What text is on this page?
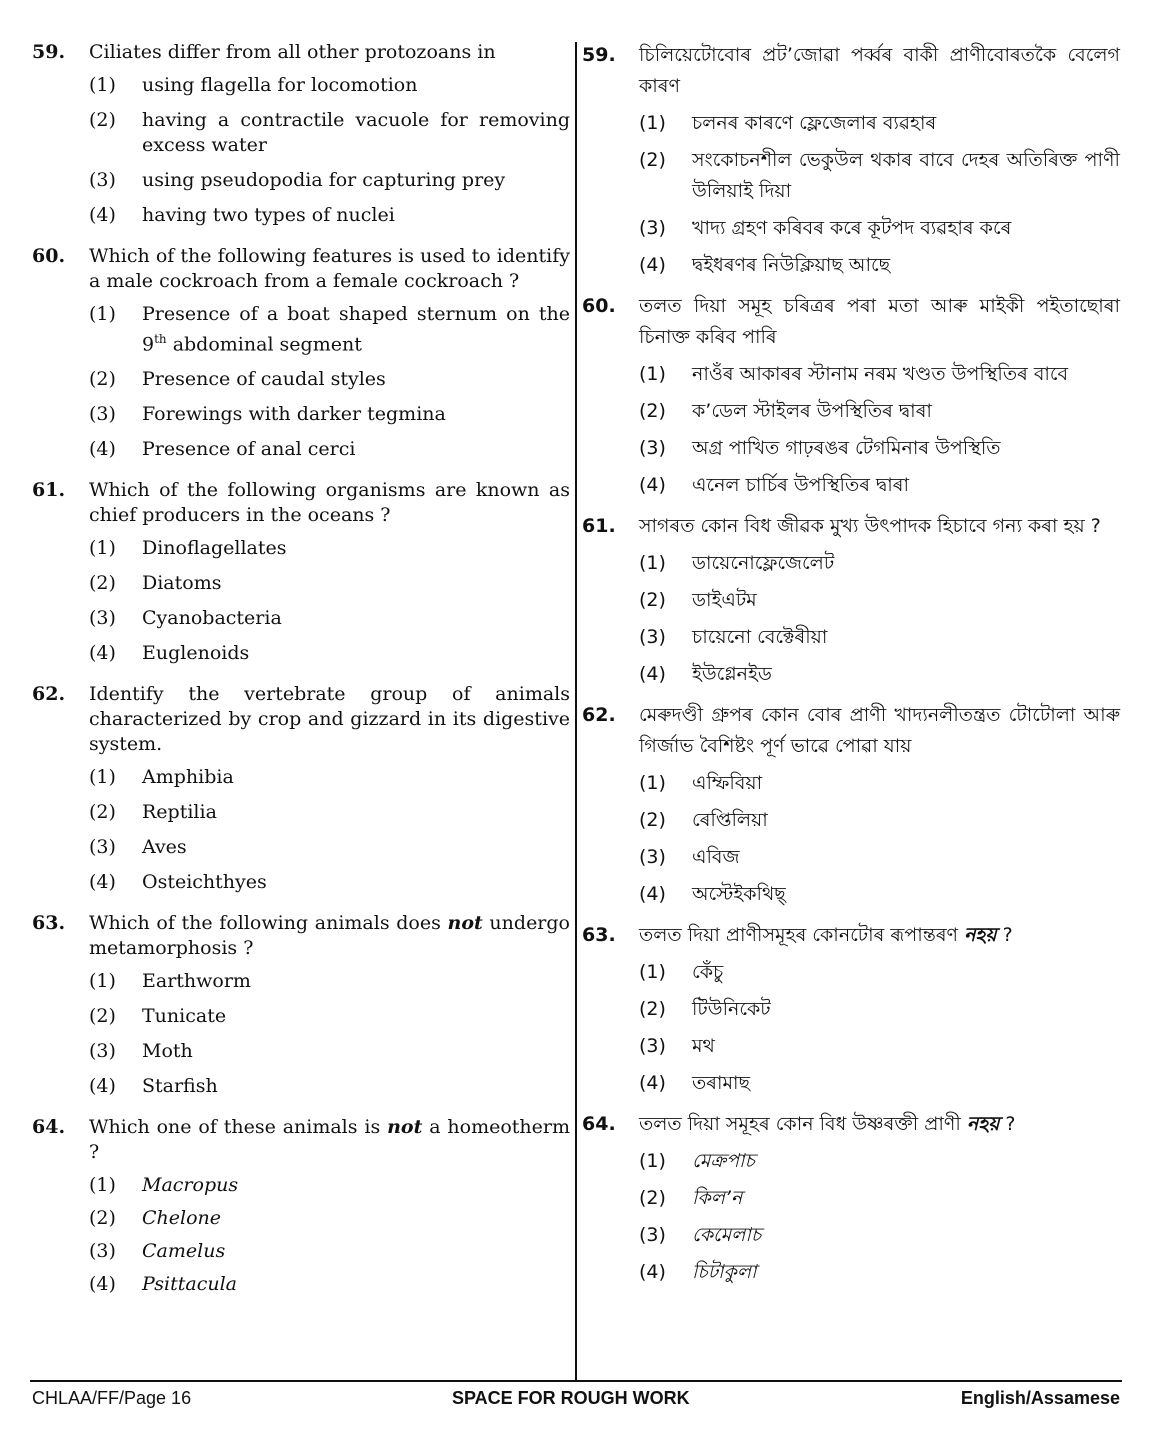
59.	Ciliates differ from all other protozoans in
(1)	using flagella for locomotion
(2)	having a contractile vacuole for removing excess water
(3)	using pseudopodia for capturing prey
(4)	having two types of nuclei
60.	Which of the following features is used to identify a male cockroach from a female cockroach ?
(1)	Presence of a boat shaped sternum on the 9th abdominal segment
(2)	Presence of caudal styles
(3)	Forewings with darker tegmina
(4)	Presence of anal cerci
61.	Which of the following organisms are known as chief producers in the oceans ?
(1)	Dinoflagellates
(2)	Diatoms
(3)	Cyanobacteria
(4)	Euglenoids
62.	Identify the vertebrate group of animals characterized by crop and gizzard in its digestive system.
(1)	Amphibia
(2)	Reptilia
(3)	Aves
(4)	Osteichthyes
63.	Which of the following animals does not undergo metamorphosis ?
(1)	Earthworm
(2)	Tunicate
(3)	Moth
(4)	Starfish
64.	Which one of these animals is not a homeotherm ?
(1)	Macropus
(2)	Chelone
(3)	Camelus
(4)	Psittacula
59.	চিলিয়েটোবোৰ প্রট’জোৱা পৰ্ব্বৰ বাকী প্রাণীবোৰতকৈ বেলেগ কাৰণ
(1)	চলনৰ কাৰণে ফ্লেজেলাৰ ব্যৱহাৰ
(2)	সংকোচনশীল ভেকুউল থকাৰ বাবে দেহৰ অতিৰিক্ত পাণী উলিয়াই দিয়া
(3)	খাদ্য গ্রহণ কৰিবৰ কৰে কূটপদ ব্যৱহাৰ কৰে
(4)	দ্বইধৰণৰ নিউক্লিয়াছ আছে
60.	তলত দিয়া সমূহ চৰিত্ৰৰ পৰা মতা আৰু মাইকী পইতাছোৰা চিনাক্ত কৰিব পাৰি
(1)	নাওঁৰ আকাৰৰ স্টানাম নৰম খণ্ডত উপস্থিতিৰ বাবে
(2)	ক’ডেল স্টাইলৰ উপস্থিতিৰ দ্বাৰা
(3)	অগ্ৰ পাখিত গাঢ়ৰঙৰ টেগমিনাৰ উপস্থিতি
(4)	এনেল চাৰ্চিৰ উপস্থিতিৰ দ্বাৰা
61.	সাগৰত কোন বিধ জীৱক মুখ্য উৎপাদক হিচাবে গন্য কৰা হয় ?
(1)	ডায়েনোফ্লেজেলেট
(2)	ডাইএটম
(3)	চায়েনো বেক্টেৰীয়া
(4)	ইউগ্লেনইড
62.	মেৰুদণ্ডী গ্ৰুপৰ কোন বোৰ প্ৰাণী খাদ্যনলীতন্ত্ৰত টোটোলা আৰু গিৰ্জাভ বৈশিষ্টং পূৰ্ণ ভাৱে পোৱা যায়
(1)	এম্ফিবিয়া
(2)	ৰেপ্তিলিয়া
(3)	এবিজ
(4)	অস্টেইকথিছ্
63.	তলত দিয়া প্ৰাণীসমূহৰ কোনটোৰ ৰূপান্তৰণ নহয় ?
(1)	কেঁচু
(2)	টিউনিকেট
(3)	মথ
(4)	তৰামাছ
64.	তলত দিয়া সমূহৰ কোন বিধ উষ্ণৰক্তী প্ৰাণী নহয় ?
(1)	মেক্ৰপাচ
(2)	কিল’ন
(3)	কেমেলাচ
(4)	চিটাকুলা
CHLAA/FF/Page 16	SPACE FOR ROUGH WORK	English/Assamese
